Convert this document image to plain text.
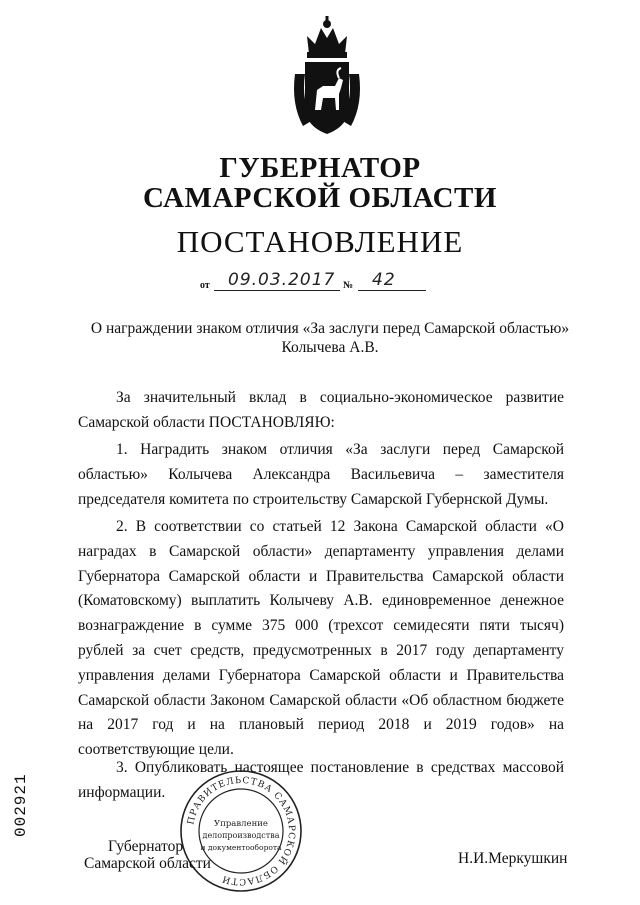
ГУБЕРНАТОР
САМАРСКОЙ ОБЛАСТИ
ПОСТАНОВЛЕНИЕ
от 09.03.2017 № 42
О награждении знаком отличия «За заслуги перед Самарской областью»
Колычева А.В.
За значительный вклад в социально-экономическое развитие Самарской области ПОСТАНОВЛЯЮ:
1. Наградить знаком отличия «За заслуги перед Самарской областью» Колычева Александра Васильевича – заместителя председателя комитета по строительству Самарской Губернской Думы.
2. В соответствии со статьей 12 Закона Самарской области «О наградах в Самарской области» департаменту управления делами Губернатора Самарской области и Правительства Самарской области (Коматовскому) выплатить Колычеву А.В. единовременное денежное вознаграждение в сумме 375 000 (трехсот семидесяти пяти тысяч) рублей за счет средств, предусмотренных в 2017 году департаменту управления делами Губернатора Самарской области и Правительства Самарской области Законом Самарской области «Об областном бюджете на 2017 год и на плановый период 2018 и 2019 годов» на соответствующие цели.
3. Опубликовать настоящее постановление в средствах массовой информации.
ПРАВИТЕЛЬСТВА САМАРСКОЙ ОБЛАСТИ
Управление
делопроизводства
и документооборота
Губернатор
Самарской области	Н.И.Меркушкин
002921
